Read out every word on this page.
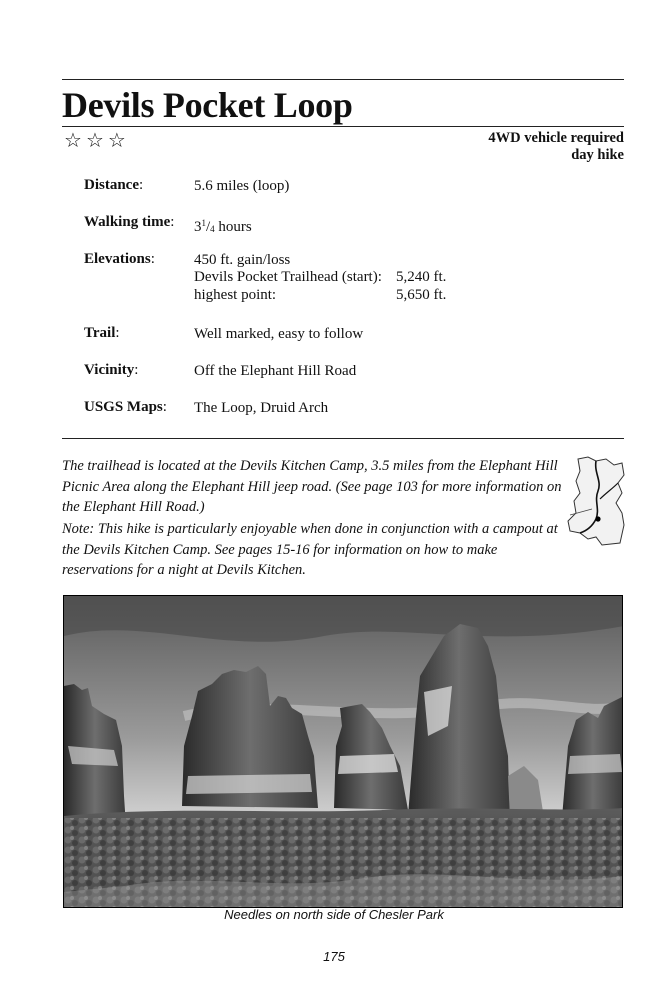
Devils Pocket Loop
☆ ☆ ☆	4WD vehicle required
day hike
Distance:	5.6 miles (loop)
Walking time: $3^1/_4$ hours
Elevations:	450 ft. gain/loss
Devils Pocket Trailhead (start): 5,240 ft.
highest point:	5,650 ft.
Trail:	Well marked, easy to follow
Vicinity:	Off the Elephant Hill Road
USGS Maps: The Loop, Druid Arch

The trailhead is located at the Devils Kitchen Camp, 3.5 miles from the Elephant Hill Picnic Area along the Elephant Hill jeep road. (See page 103 for more information on the Elephant Hill Road.)

Note: This hike is particularly enjoyable when done in conjunction with a campout at the Devils Kitchen Camp. See pages 15-16 for information on how to make reservations for a night at Devils Kitchen.

Needles on north side of Chesler Park
175
